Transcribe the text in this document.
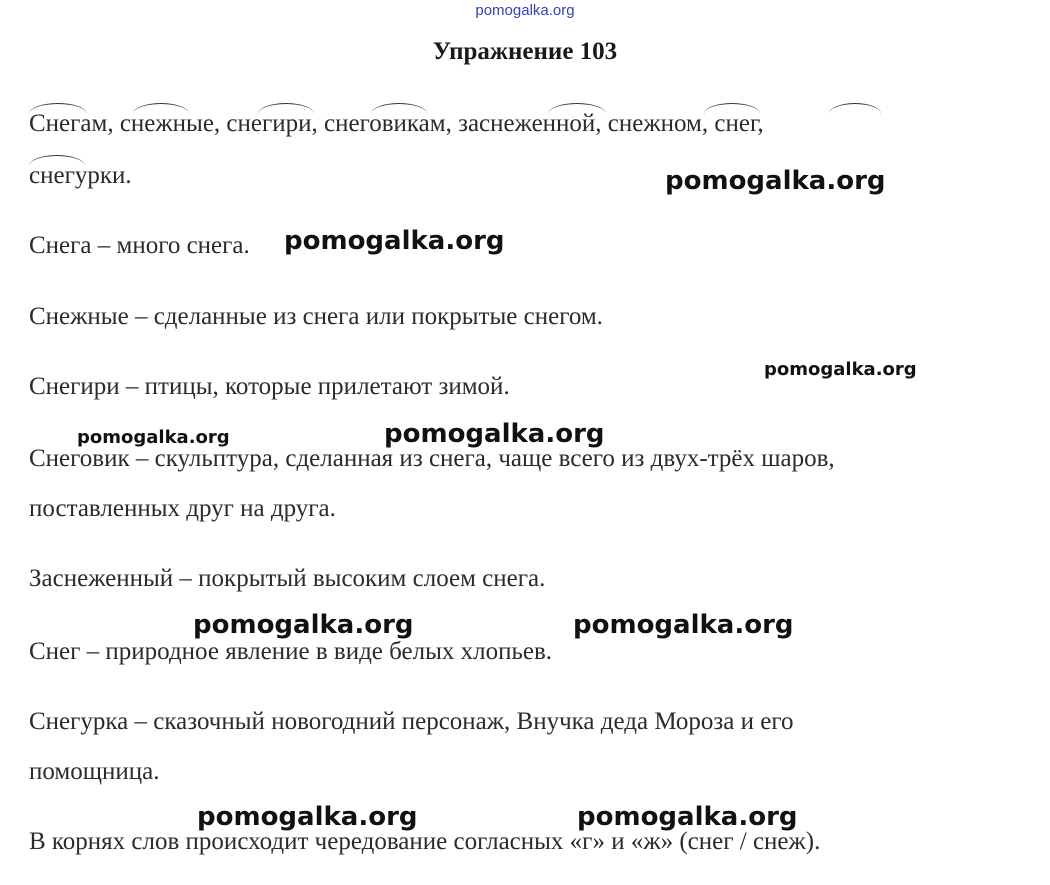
pomogalka.org
Упражнение 103
Снегам, снежные, снегири, снеговикам, заснеженной, снежном, снег,
снегурки.
Снега – много снега.
Снежные – сделанные из снега или покрытые снегом.
Снегири – птицы, которые прилетают зимой.
Снеговик – скульптура, сделанная из снега, чаще всего из двух-трёх шаров,
поставленных друг на друга.
Заснеженный – покрытый высоким слоем снега.
Снег – природное явление в виде белых хлопьев.
Снегурка – сказочный новогодний персонаж, Внучка деда Мороза и его
помощница.
В корнях слов происходит чередование согласных «г» и «ж» (снег / снеж).
pomogalka.org
pomogalka.org
pomogalka.org
pomogalka.org	pomogalka.org
pomogalka.org	pomogalka.org
pomogalka.org	pomogalka.org
